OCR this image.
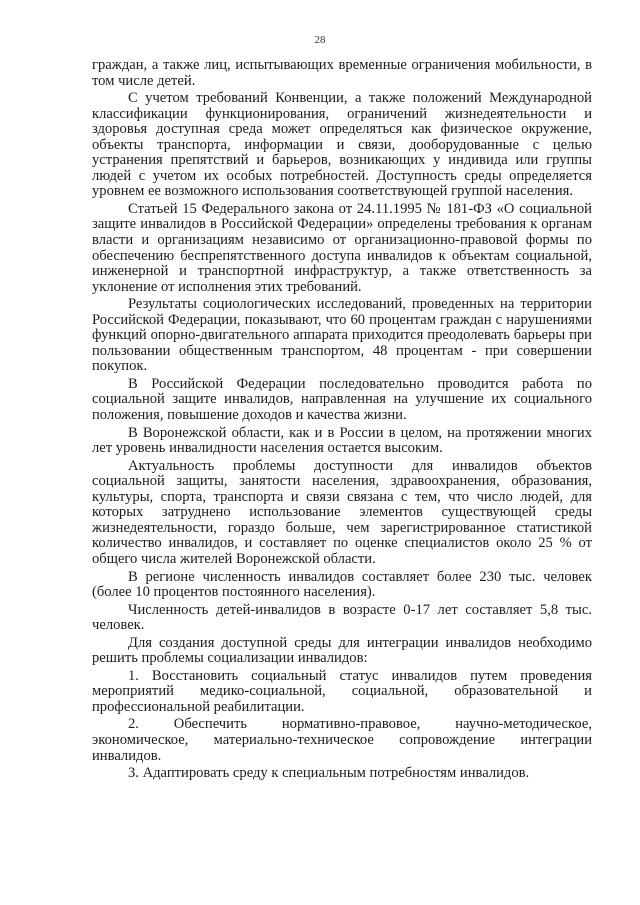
28

граждан, а также лиц, испытывающих временные ограничения мобильности, в том числе детей.

С учетом требований Конвенции, а также положений Международной классификации функционирования, ограничений жизнедеятельности и здоровья доступная среда может определяться как физическое окружение, объекты транспорта, информации и связи, дооборудованные с целью устранения препятствий и барьеров, возникающих у индивида или группы людей с учетом их особых потребностей. Доступность среды определяется уровнем ее возможного использования соответствующей группой населения.

Статьей 15 Федерального закона от 24.11.1995 № 181-ФЗ «О социальной защите инвалидов в Российской Федерации» определены требования к органам власти и организациям независимо от организационно-правовой формы по обеспечению беспрепятственного доступа инвалидов к объектам социальной, инженерной и транспортной инфраструктур, а также ответственность за уклонение от исполнения этих требований.

Результаты социологических исследований, проведенных на территории Российской Федерации, показывают, что 60 процентам граждан с нарушениями функций опорно-двигательного аппарата приходится преодолевать барьеры при пользовании общественным транспортом, 48 процентам - при совершении покупок.

В Российской Федерации последовательно проводится работа по социальной защите инвалидов, направленная на улучшение их социального положения, повышение доходов и качества жизни.

В Воронежской области, как и в России в целом, на протяжении многих лет уровень инвалидности населения остается высоким.

Актуальность проблемы доступности для инвалидов объектов социальной защиты, занятости населения, здравоохранения, образования, культуры, спорта, транспорта и связи связана с тем, что число людей, для которых затруднено использование элементов существующей среды жизнедеятельности, гораздо больше, чем зарегистрированное статистикой количество инвалидов, и составляет по оценке специалистов около 25 % от общего числа жителей Воронежской области.

В регионе численность инвалидов составляет более 230 тыс. человек (более 10 процентов постоянного населения).

Численность детей-инвалидов в возрасте 0-17 лет составляет 5,8 тыс. человек.

Для создания доступной среды для интеграции инвалидов необходимо решить проблемы социализации инвалидов:

1. Восстановить социальный статус инвалидов путем проведения мероприятий медико-социальной, социальной, образовательной и профессиональной реабилитации.

2. Обеспечить нормативно-правовое, научно-методическое, экономическое, материально-техническое сопровождение интеграции инвалидов.

3. Адаптировать среду к специальным потребностям инвалидов.
